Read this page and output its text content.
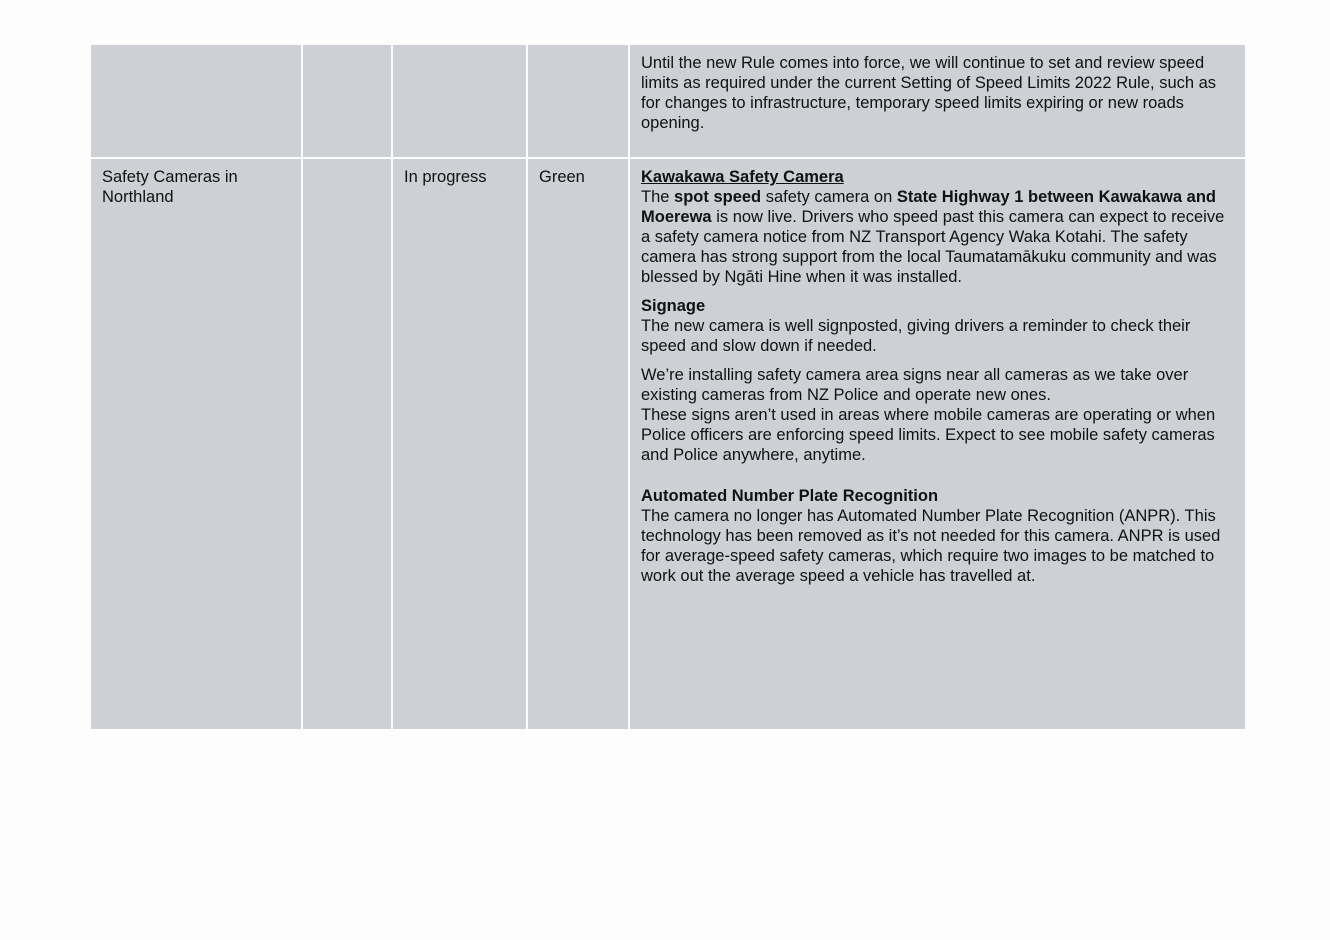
Until the new Rule comes into force, we will continue to set and review speed limits as required under the current Setting of Speed Limits 2022 Rule, such as for changes to infrastructure, temporary speed limits expiring or new roads opening.

Safety Cameras in Northland
In progress	Green	Kawakawa Safety Camera

The spot speed safety camera on State Highway 1 between Kawakawa and Moerewa is now live. Drivers who speed past this camera can expect to receive a safety camera notice from NZ Transport Agency Waka Kotahi. The safety camera has strong support from the local Taumatamākuku community and was blessed by Ngāti Hine when it was installed.

Signage

The new camera is well signposted, giving drivers a reminder to check their speed and slow down if needed.

We’re installing safety camera area signs near all cameras as we take over existing cameras from NZ Police and operate new ones.

These signs aren’t used in areas where mobile cameras are operating or when Police officers are enforcing speed limits. Expect to see mobile safety cameras and Police anywhere, anytime.

Automated Number Plate Recognition

The camera no longer has Automated Number Plate Recognition (ANPR). This technology has been removed as it’s not needed for this camera. ANPR is used for average-speed safety cameras, which require two images to be matched to work out the average speed a vehicle has travelled at.
